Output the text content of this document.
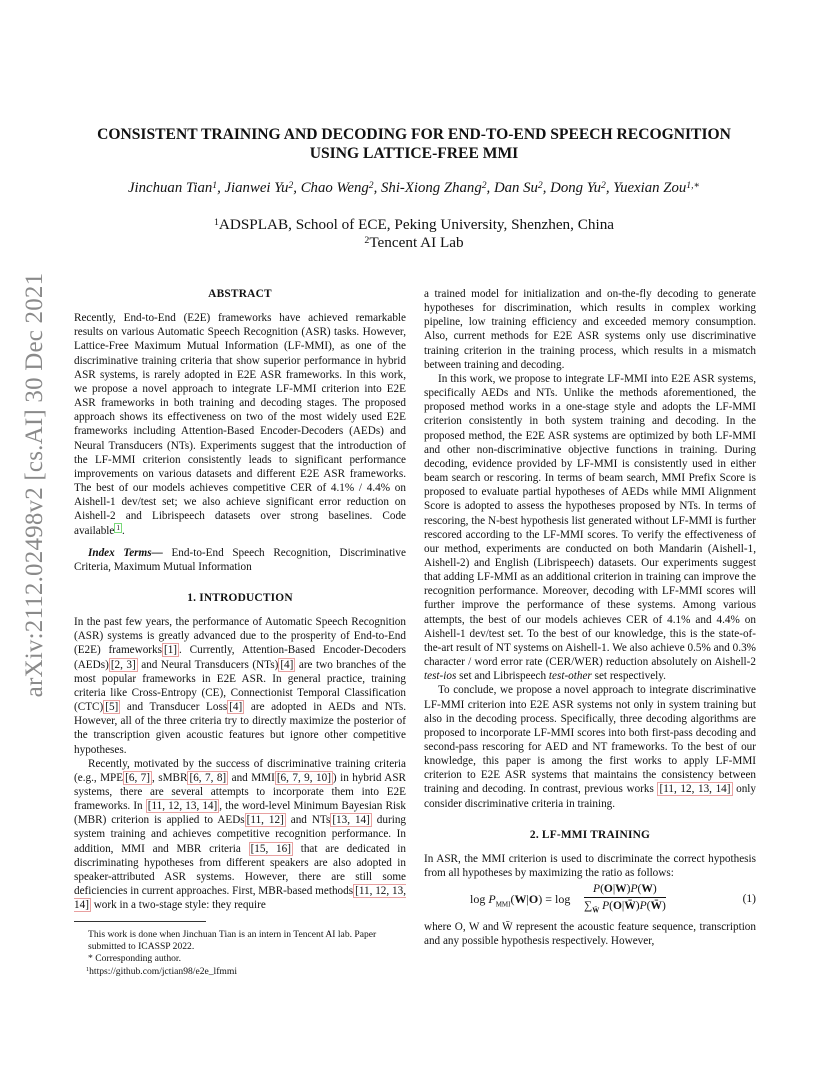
arXiv:2112.02498v2 [cs.AI] 30 Dec 2021
CONSISTENT TRAINING AND DECODING FOR END-TO-END SPEECH RECOGNITION
USING LATTICE-FREE MMI
Jinchuan Tian$^1$, Jianwei Yu$^2$, Chao Weng$^2$, Shi-Xiong Zhang$^2$, Dan Su$^2$, Dong Yu$^2$, Yuexian Zou$^{1,∗}$
$^1$ADSPLAB, School of ECE, Peking University, Shenzhen, China
$^2$Tencent AI Lab
ABSTRACT

Recently, End-to-End (E2E) frameworks have achieved remarkable results on various Automatic Speech Recognition (ASR) tasks. However, Lattice-Free Maximum Mutual Information (LF-MMI), as one of the discriminative training criteria that show superior performance in hybrid ASR systems, is rarely adopted in E2E ASR frameworks. In this work, we propose a novel approach to integrate LF-MMI criterion into E2E ASR frameworks in both training and decoding stages. The proposed approach shows its effectiveness on two of the most widely used E2E frameworks including Attention-Based Encoder-Decoders (AEDs) and Neural Transducers (NTs). Experiments suggest that the introduction of the LF-MMI criterion consistently leads to significant performance improvements on various datasets and different E2E ASR frameworks. The best of our models achieves competitive CER of 4.1% / 4.4% on Aishell-1 dev/test set; we also achieve significant error reduction on Aishell-2 and Librispeech datasets over strong baselines. Code available $^1$ .

Index Terms— End-to-End Speech Recognition, Discriminative Criteria, Maximum Mutual Information

1. INTRODUCTION

In the past few years, the performance of Automatic Speech Recognition (ASR) systems is greatly advanced due to the prosperity of End-to-End (E2E) frameworks [1] . Currently, Attention-Based Encoder-Decoders (AEDs) [2, 3] and Neural Transducers (NTs) [4] are two branches of the most popular frameworks in E2E ASR. In general practice, training criteria like Cross-Entropy (CE), Connectionist Temporal Classification (CTC) [5] and Transducer Loss [4] are adopted in AEDs and NTs. However, all of the three criteria try to directly maximize the posterior of the transcription given acoustic features but ignore other competitive hypotheses.

Recently, motivated by the success of discriminative training criteria (e.g., MPE [6, 7] , sMBR [6, 7, 8] and MMI [6, 7, 9, 10] ) in hybrid ASR systems, there are several attempts to incorporate them into E2E frameworks. In [11, 12, 13, 14] , the word-level Minimum Bayesian Risk (MBR) criterion is applied to AEDs [11, 12] and NTs [13, 14] during system training and achieves competitive recognition performance. In addition, MMI and MBR criteria [15, 16] that are dedicated in discriminating hypotheses from different speakers are also adopted in speaker-attributed ASR systems. However, there are still some deficiencies in current approaches. First, MBR-based methods [11, 12, 13, 14] work in a two-stage style: they require

This work is done when Jinchuan Tian is an intern in Tencent AI lab. Paper submitted to ICASSP 2022.
* Corresponding author.
$^1$https://github.com/jctian98/e2e_lfmmi

a trained model for initialization and on-the-fly decoding to generate hypotheses for discrimination, which results in complex working pipeline, low training efficiency and exceeded memory consumption. Also, current methods for E2E ASR systems only use discriminative training criterion in the training process, which results in a mismatch between training and decoding.

In this work, we propose to integrate LF-MMI into E2E ASR systems, specifically AEDs and NTs. Unlike the methods aforementioned, the proposed method works in a one-stage style and adopts the LF-MMI criterion consistently in both system training and decoding. In the proposed method, the E2E ASR systems are optimized by both LF-MMI and other non-discriminative objective functions in training. During decoding, evidence provided by LF-MMI is consistently used in either beam search or rescoring. In terms of beam search, MMI Prefix Score is proposed to evaluate partial hypotheses of AEDs while MMI Alignment Score is adopted to assess the hypotheses proposed by NTs. In terms of rescoring, the N-best hypothesis list generated without LF-MMI is further rescored according to the LF-MMI scores. To verify the effectiveness of our method, experiments are conducted on both Mandarin (Aishell-1, Aishell-2) and English (Librispeech) datasets. Our experiments suggest that adding LF-MMI as an additional criterion in training can improve the recognition performance. Moreover, decoding with LF-MMI scores will further improve the performance of these systems. Among various attempts, the best of our models achieves CER of 4.1% and 4.4% on Aishell-1 dev/test set. To the best of our knowledge, this is the state-of-the-art result of NT systems on Aishell-1. We also achieve 0.5% and 0.3% character / word error rate (CER/WER) reduction absolutely on Aishell-2 test-ios set and Librispeech test-other set respectively.

To conclude, we propose a novel approach to integrate discriminative LF-MMI criterion into E2E ASR systems not only in system training but also in the decoding process. Specifically, three decoding algorithms are proposed to incorporate LF-MMI scores into both first-pass decoding and second-pass rescoring for AED and NT frameworks. To the best of our knowledge, this paper is among the first works to apply LF-MMI criterion to E2E ASR systems that maintains the consistency between training and decoding. In contrast, previous works [11, 12, 13, 14] only consider discriminative criteria in training.

2. LF-MMI TRAINING

In ASR, the MMI criterion is used to discriminate the correct hypothesis from all hypotheses by maximizing the ratio as follows:

$\log P_{MMI}(W|O) = \log \frac{P(O|W)P(W)}{\sum_{W̄} P(O|W̄)P(W̄)}$	(1)

where O, W and W̄ represent the acoustic feature sequence, transcription and any possible hypothesis respectively. However,
